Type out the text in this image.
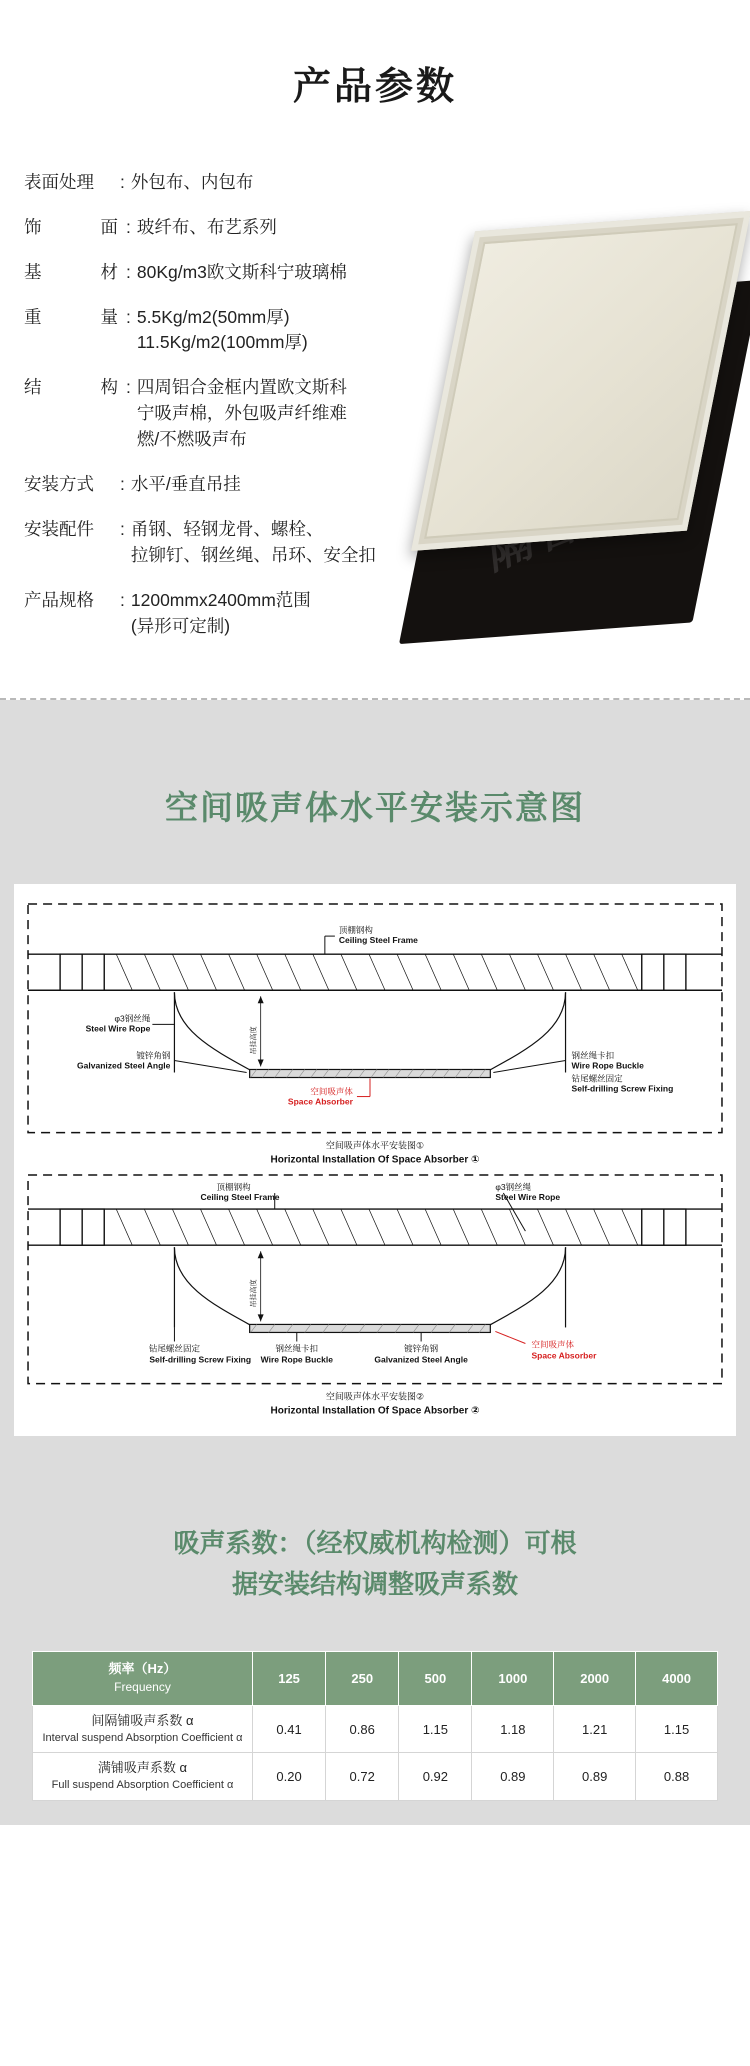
产品参数
隔音
表面处理	: 外包布、内包布
饰　　面 : 玻纤布、布艺系列
基　　材 : 80Kg/m3欧文斯科宁玻璃棉
重　　量 : 5.5Kg/m2(50mm厚)
11.5Kg/m2(100mm厚)
结　　构 : 四周铝合金框内置欧文斯科
宁吸声棉，外包吸声纤维难
燃/不燃吸声布
安装方式	: 水平/垂直吊挂
安装配件	: 甬钢、轻钢龙骨、螺栓、
拉铆钉、钢丝绳、吊环、安全扣
产品规格	: 1200mmx2400mm范围
(异形可定制)
空间吸声体水平安装示意图
吊挂高度
顶棚钢构
Ceiling Steel Frame
φ3钢丝绳
Steel Wire Rope
镀锌角钢
Galvanized Steel Angle
钢丝绳卡扣
Wire Rope Buckle
钻尾螺丝固定
Self-drilling Screw Fixing
空间吸声体
Space Absorber
空间吸声体水平安装图①
Horizontal Installation Of Space Absorber ①
吊挂高度
顶棚钢构
Ceiling Steel Frame
φ3钢丝绳
Steel Wire Rope
钻尾螺丝固定
Self-drilling Screw Fixing
钢丝绳卡扣
Wire Rope Buckle
镀锌角钢
Galvanized Steel Angle
空间吸声体
Space Absorber
空间吸声体水平安装图②
Horizontal Installation Of Space Absorber ②
吸声系数：（经权威机构检测）可根
据安装结构调整吸声系数
频率（Hz）
Frequency	125	250	500	1000	2000	4000
间隔铺吸声系数 α
Interval suspend Absorption Coefficient α	0.41	0.86	1.15	1.18	1.21	1.15
满铺吸声系数 α
Full suspend Absorption Coefficient α	0.20	0.72	0.92	0.89	0.89	0.88
